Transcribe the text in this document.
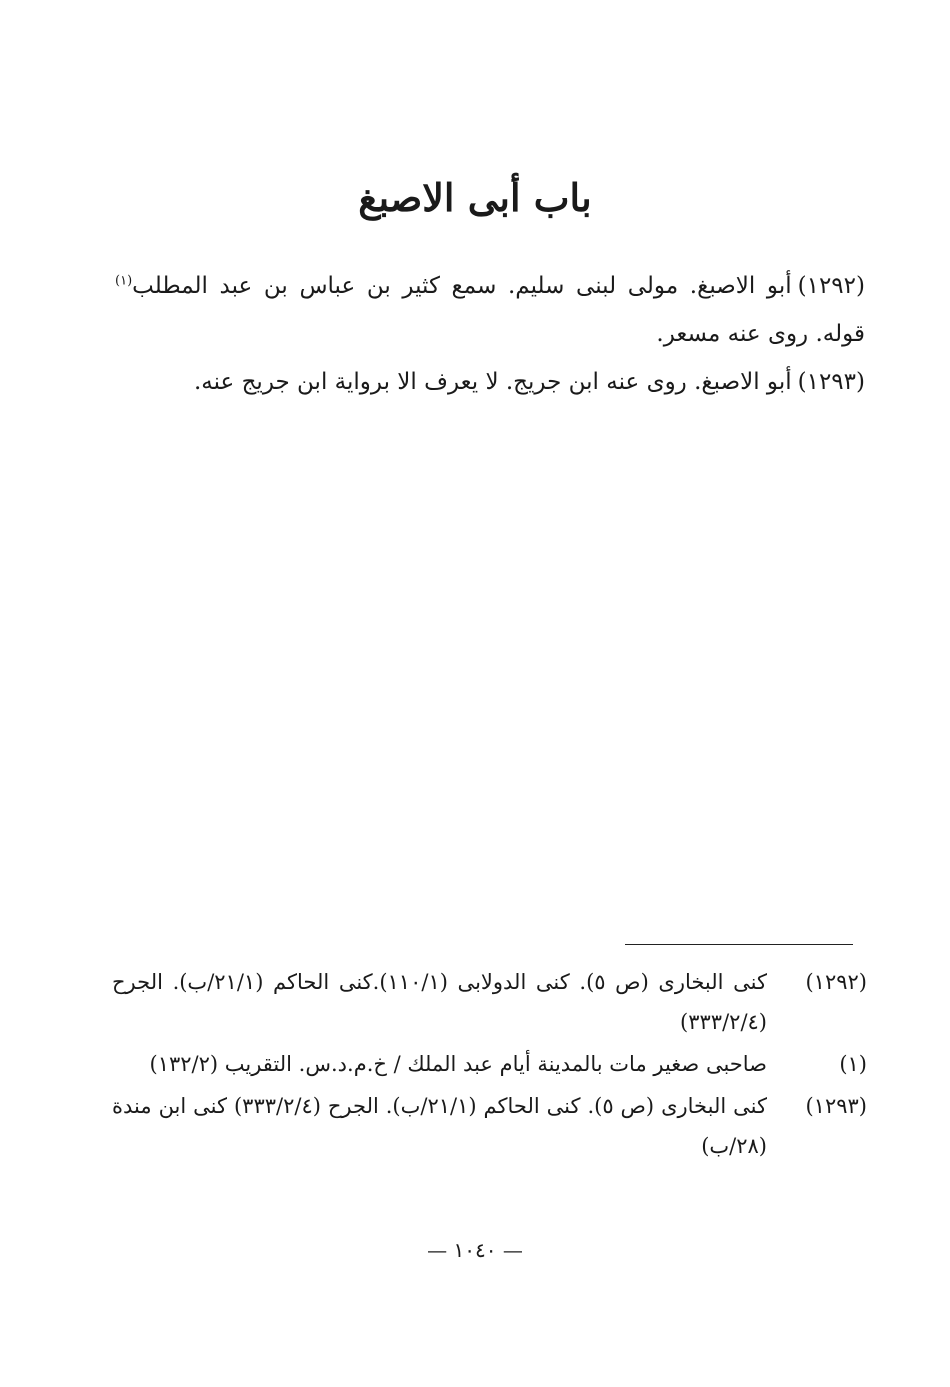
باب أبى الاصبغ

(١٢٩٢)أبو الاصبغ. مولى لبنى سليم. سمع كثير بن عباس بن عبد المطلب$^{(١)}$ قوله. روى عنه مسعر.

(١٢٩٣)أبو الاصبغ. روى عنه ابن جريج. لا يعرف الا برواية ابن جريج عنه.

(١٢٩٢)
كنى البخارى (ص ٥). كنى الدولابى (١١٠/١).كنى الحاكم (٢١/١/ب). الجرح (٣٣٣/٢/٤)
(١)
صاحبى صغير مات بالمدينة أيام عبد الملك / خ.م.د.س. التقريب (١٣٢/٢)
(١٢٩٣)
كنى البخارى (ص ٥). كنى الحاكم (٢١/١/ب). الجرح (٣٣٣/٢/٤) كنى ابن مندة (٢٨/ب)
— ١٠٤٠ —
